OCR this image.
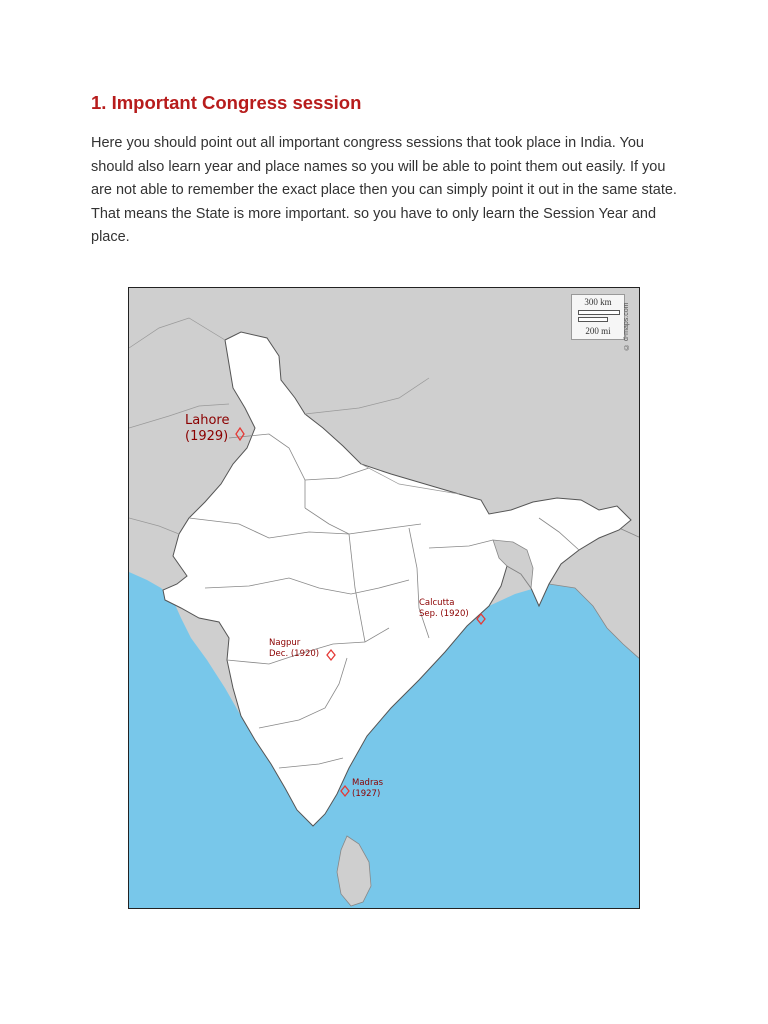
1. Important Congress session

Here you should point out all important congress sessions that took place in India. You should also learn year and place names so you will be able to point them out easily. If you are not able to remember the exact place then you can simply point it out in the same state. That means the State is more important. so you have to only learn the Session Year and place.

300 km
200 mi	© d-maps.com
Lahore
(1929)
Calcutta
Sep. (1920)
Nagpur
Dec. (1920)
Madras
(1927)
